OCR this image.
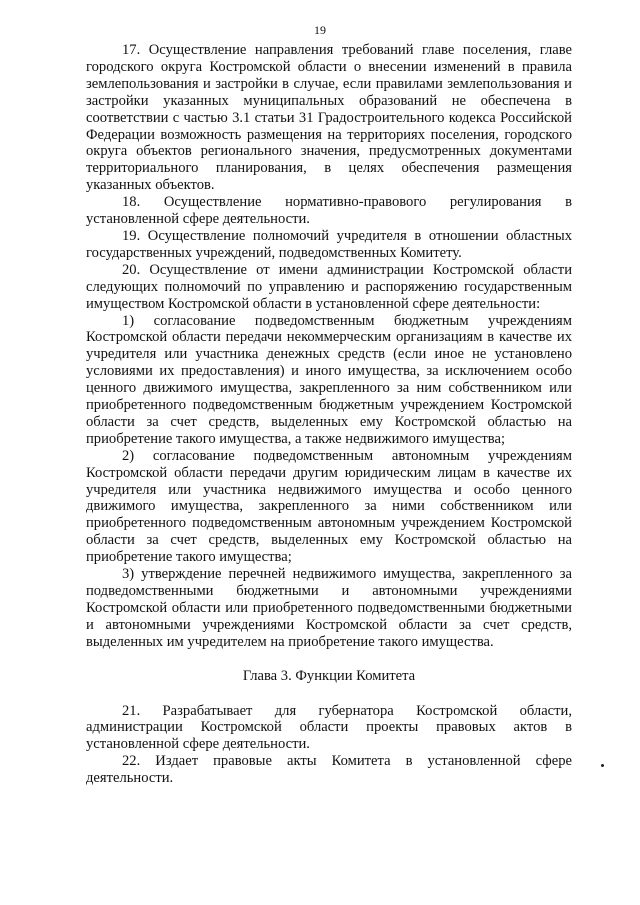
19

17. Осуществление направления требований главе поселения, главе городского округа Костромской области о внесении изменений в правила землепользования и застройки в случае, если правилами землепользования и застройки указанных муниципальных образований не обеспечена в соответствии с частью 3.1 статьи 31 Градостроительного кодекса Российской Федерации возможность размещения на территориях поселения, городского округа объектов регионального значения, предусмотренных документами территориального планирования, в целях обеспечения размещения указанных объектов.

18. Осуществление нормативно-правового регулирования в установленной сфере деятельности.

19. Осуществление полномочий учредителя в отношении областных государственных учреждений, подведомственных Комитету.

20. Осуществление от имени администрации Костромской области следующих полномочий по управлению и распоряжению государственным имуществом Костромской области в установленной сфере деятельности:

1) согласование подведомственным бюджетным учреждениям Костромской области передачи некоммерческим организациям в качестве их учредителя или участника денежных средств (если иное не установлено условиями их предоставления) и иного имущества, за исключением особо ценного движимого имущества, закрепленного за ним собственником или приобретенного подведомственным бюджетным учреждением Костромской области за счет средств, выделенных ему Костромской областью на приобретение такого имущества, а также недвижимого имущества;

2) согласование подведомственным автономным учреждениям Костромской области передачи другим юридическим лицам в качестве их учредителя или участника недвижимого имущества и особо ценного движимого имущества, закрепленного за ними собственником или приобретенного подведомственным автономным учреждением Костромской области за счет средств, выделенных ему Костромской областью на приобретение такого имущества;

3) утверждение перечней недвижимого имущества, закрепленного за подведомственными бюджетными и автономными учреждениями Костромской области или приобретенного подведомственными бюджетными и автономными учреждениями Костромской области за счет средств, выделенных им учредителем на приобретение такого имущества.

Глава 3. Функции Комитета

21. Разрабатывает для губернатора Костромской области, администрации Костромской области проекты правовых актов в установленной сфере деятельности.

22. Издает правовые акты Комитета в установленной сфере деятельности.
